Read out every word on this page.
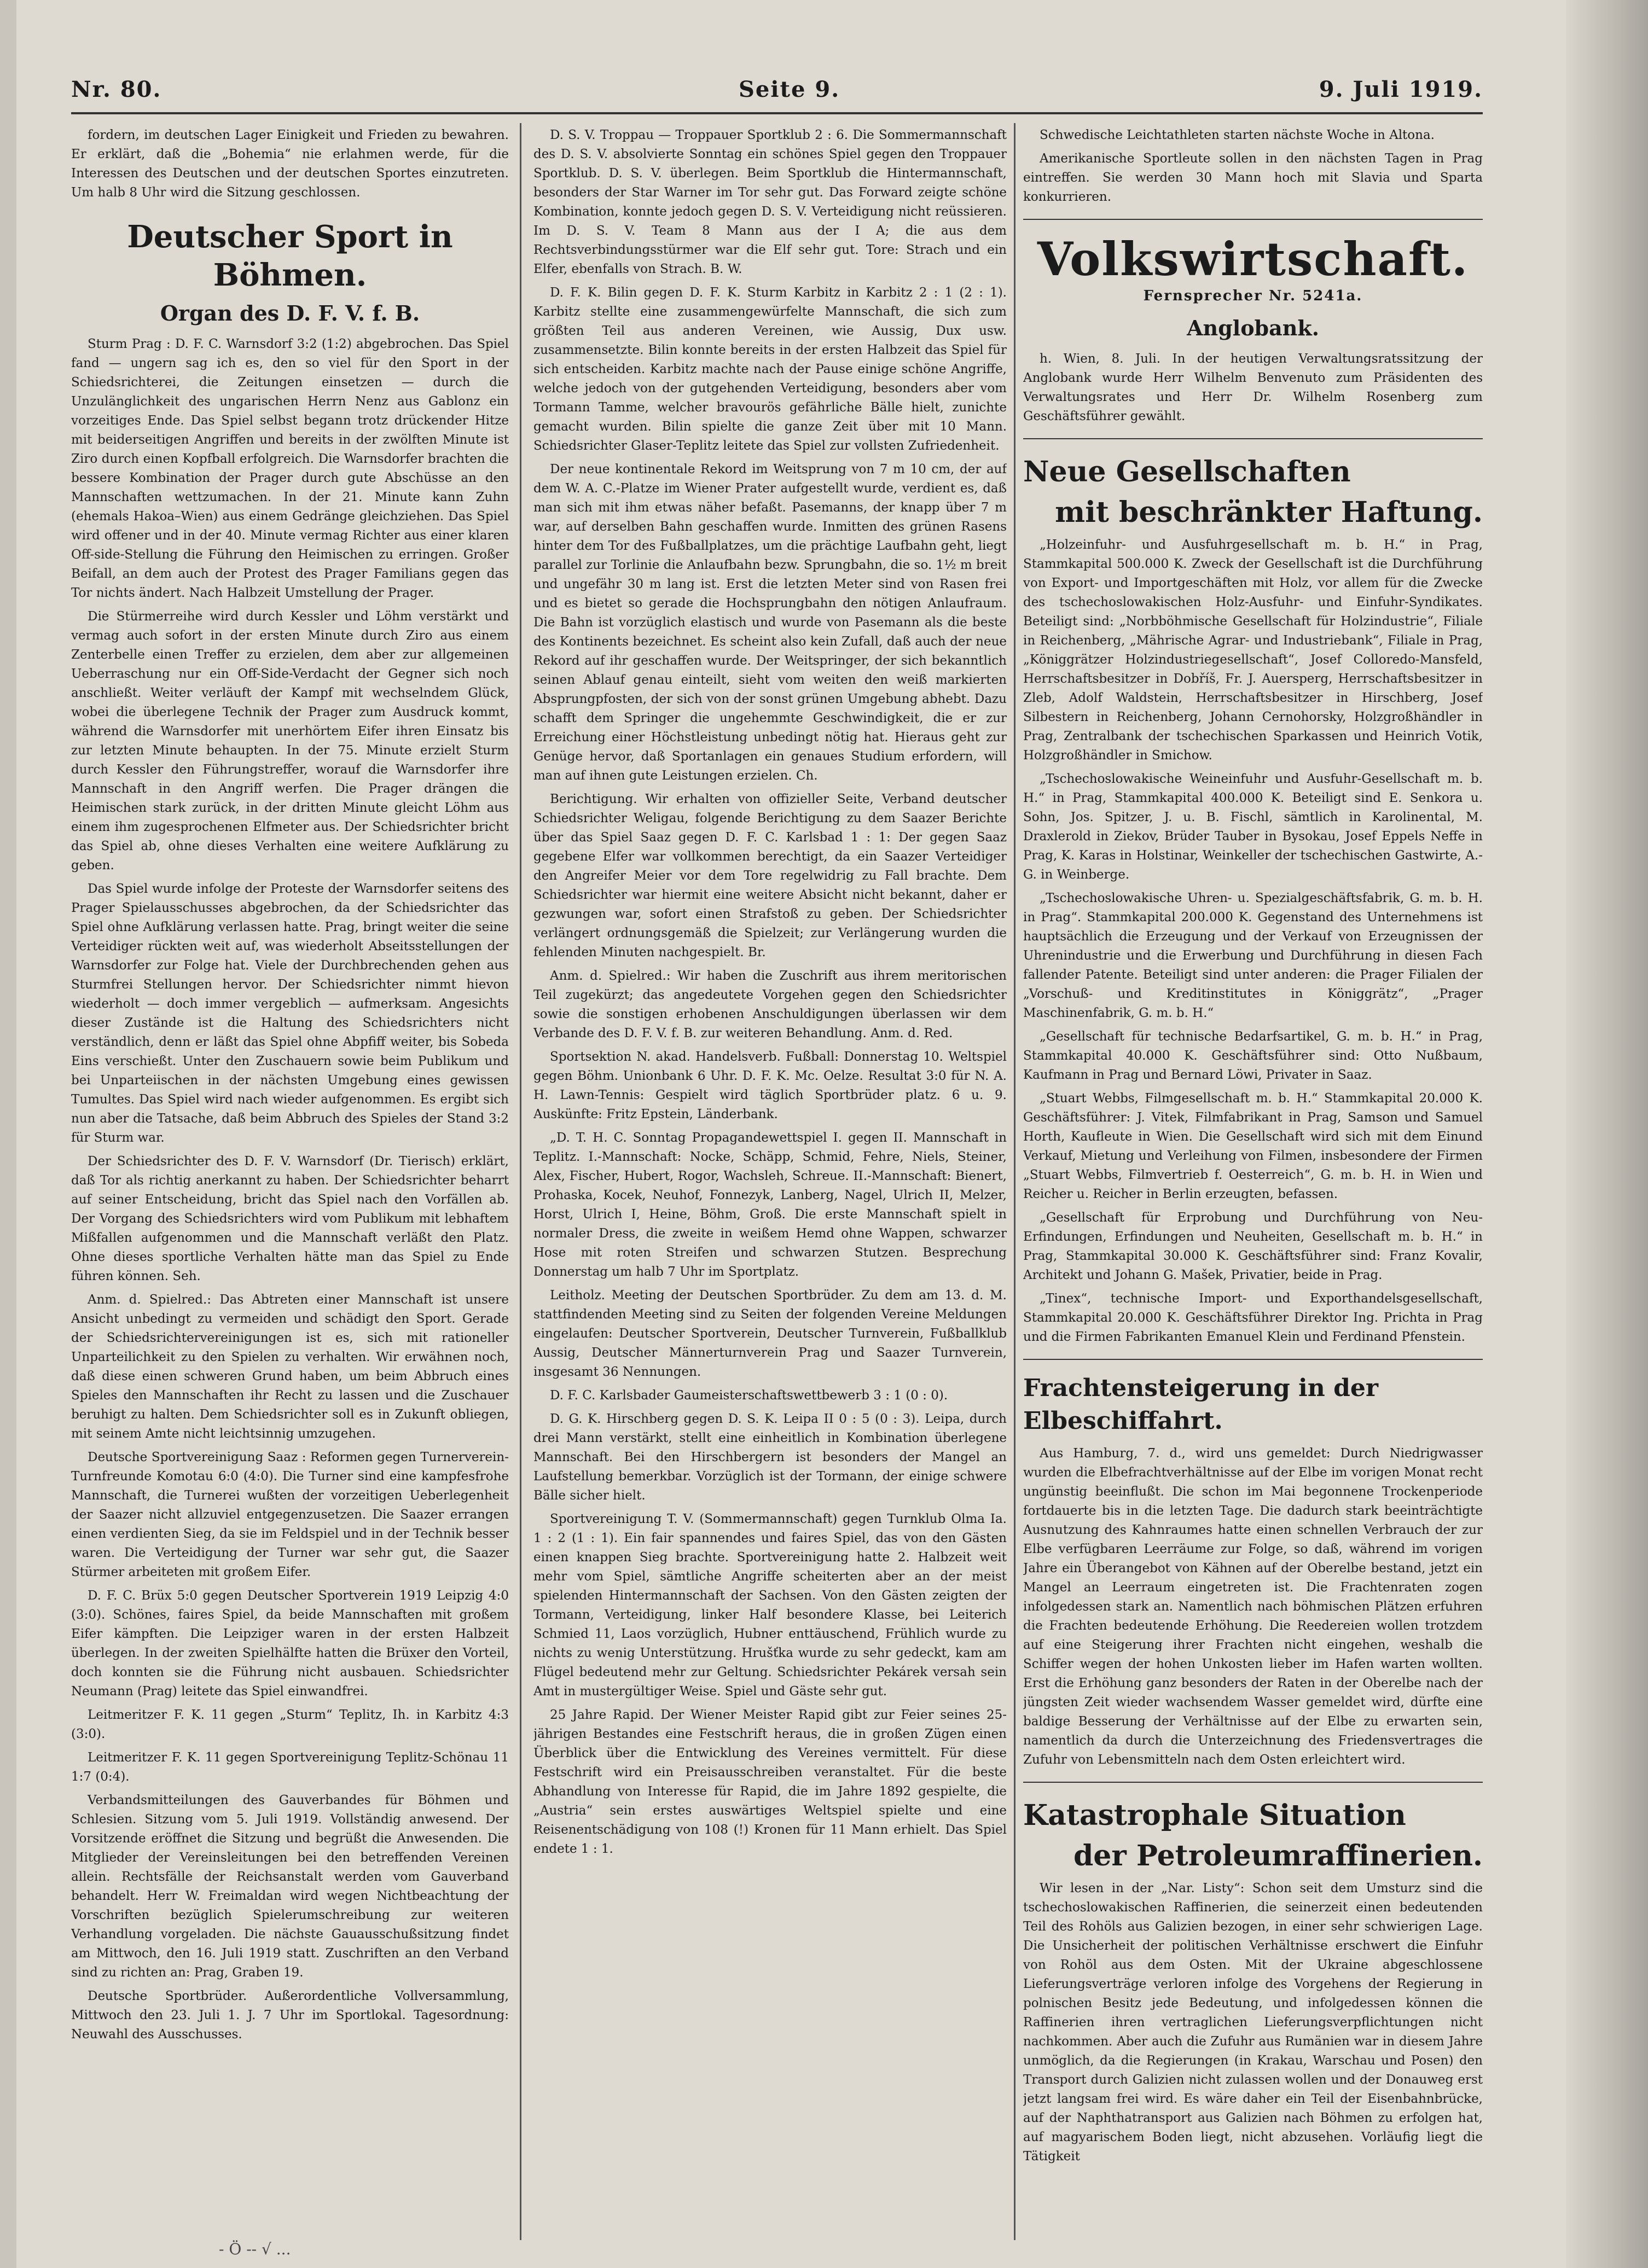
Nr. 80.	Seite 9.	9. Juli 1919.

fordern, im deutschen Lager Einigkeit und Frieden zu bewahren. Er erklärt, daß die „Bohemia“ nie erlahmen werde, für die Interessen des Deutschen und der deutschen Sportes einzutreten. Um halb 8 Uhr wird die Sitzung geschlossen.

Deutscher Sport in Böhmen.
Organ des D. F. V. f. B.

Sturm Prag : D. F. C. Warnsdorf 3:2 (1:2) abgebrochen. Das Spiel fand — ungern sag ich es, den so viel für den Sport in der Schiedsrichterei, die Zeitungen einsetzen — durch die Unzulänglichkeit des ungarischen Herrn Nenz aus Gablonz ein vorzeitiges Ende. Das Spiel selbst begann trotz drückender Hitze mit beiderseitigen Angriffen und bereits in der zwölften Minute ist Ziro durch einen Kopfball erfolgreich. Die Warnsdorfer brachten die bessere Kombination der Prager durch gute Abschüsse an den Mannschaften wettzumachen. In der 21. Minute kann Zuhn (ehemals Hakoa–Wien) aus einem Gedränge gleichziehen. Das Spiel wird offener und in der 40. Minute vermag Richter aus einer klaren Off-side-Stellung die Führung den Heimischen zu erringen. Großer Beifall, an dem auch der Protest des Prager Familians gegen das Tor nichts ändert. Nach Halbzeit Umstellung der Prager.

Die Stürmerreihe wird durch Kessler und Löhm verstärkt und vermag auch sofort in der ersten Minute durch Ziro aus einem Zenterbelle einen Treffer zu erzielen, dem aber zur allgemeinen Ueberraschung nur ein Off-Side-Verdacht der Gegner sich noch anschließt. Weiter verläuft der Kampf mit wechselndem Glück, wobei die überlegene Technik der Prager zum Ausdruck kommt, während die Warnsdorfer mit unerhörtem Eifer ihren Einsatz bis zur letzten Minute behaupten. In der 75. Minute erzielt Sturm durch Kessler den Führungstreffer, worauf die Warnsdorfer ihre Mannschaft in den Angriff werfen. Die Prager drängen die Heimischen stark zurück, in der dritten Minute gleicht Löhm aus einem ihm zugesprochenen Elfmeter aus. Der Schiedsrichter bricht das Spiel ab, ohne dieses Verhalten eine weitere Aufklärung zu geben.

Das Spiel wurde infolge der Proteste der Warnsdorfer seitens des Prager Spielausschusses abgebrochen, da der Schiedsrichter das Spiel ohne Aufklärung verlassen hatte. Prag, bringt weiter die seine Verteidiger rückten weit auf, was wiederholt Abseitsstellungen der Warnsdorfer zur Folge hat. Viele der Durchbrechenden gehen aus Sturmfrei Stellungen hervor. Der Schiedsrichter nimmt hievon wiederholt — doch immer vergeblich — aufmerksam. Angesichts dieser Zustände ist die Haltung des Schiedsrichters nicht verständlich, denn er läßt das Spiel ohne Abpfiff weiter, bis Sobeda Eins verschießt. Unter den Zuschauern sowie beim Publikum und bei Unparteiischen in der nächsten Umgebung eines gewissen Tumultes. Das Spiel wird nach wieder aufgenommen. Es ergibt sich nun aber die Tatsache, daß beim Abbruch des Spieles der Stand 3:2 für Sturm war.

Der Schiedsrichter des D. F. V. Warnsdorf (Dr. Tierisch) erklärt, daß Tor als richtig anerkannt zu haben. Der Schiedsrichter beharrt auf seiner Entscheidung, bricht das Spiel nach den Vorfällen ab. Der Vorgang des Schiedsrichters wird vom Publikum mit lebhaftem Mißfallen aufgenommen und die Mannschaft verläßt den Platz. Ohne dieses sportliche Verhalten hätte man das Spiel zu Ende führen können. Seh.

Anm. d. Spielred.: Das Abtreten einer Mannschaft ist unsere Ansicht unbedingt zu vermeiden und schädigt den Sport. Gerade der Schiedsrichtervereinigungen ist es, sich mit rationeller Unparteilichkeit zu den Spielen zu verhalten. Wir erwähnen noch, daß diese einen schweren Grund haben, um beim Abbruch eines Spieles den Mannschaften ihr Recht zu lassen und die Zuschauer beruhigt zu halten. Dem Schiedsrichter soll es in Zukunft obliegen, mit seinem Amte nicht leichtsinnig umzugehen.

Deutsche Sportvereinigung Saaz : Reformen gegen Turnerverein-Turnfreunde Komotau 6:0 (4:0). Die Turner sind eine kampfesfrohe Mannschaft, die Turnerei wußten der vorzeitigen Ueberlegenheit der Saazer nicht allzuviel entgegenzusetzen. Die Saazer errangen einen verdienten Sieg, da sie im Feldspiel und in der Technik besser waren. Die Verteidigung der Turner war sehr gut, die Saazer Stürmer arbeiteten mit großem Eifer.

D. F. C. Brüx 5:0 gegen Deutscher Sportverein 1919 Leipzig 4:0 (3:0). Schönes, faires Spiel, da beide Mannschaften mit großem Eifer kämpften. Die Leipziger waren in der ersten Halbzeit überlegen. In der zweiten Spielhälfte hatten die Brüxer den Vorteil, doch konnten sie die Führung nicht ausbauen. Schiedsrichter Neumann (Prag) leitete das Spiel einwandfrei.

Leitmeritzer F. K. 11 gegen „Sturm“ Teplitz, Ih. in Karbitz 4:3 (3:0).

Leitmeritzer F. K. 11 gegen Sportvereinigung Teplitz-Schönau 11 1:7 (0:4).

Verbandsmitteilungen des Gauverbandes für Böhmen und Schlesien. Sitzung vom 5. Juli 1919. Vollständig anwesend. Der Vorsitzende eröffnet die Sitzung und begrüßt die Anwesenden. Die Mitglieder der Vereinsleitungen bei den betreffenden Vereinen allein. Rechtsfälle der Reichsanstalt werden vom Gauverband behandelt. Herr W. Freimaldan wird wegen Nichtbeachtung der Vorschriften bezüglich Spielerumschreibung zur weiteren Verhandlung vorgeladen. Die nächste Gauausschußsitzung findet am Mittwoch, den 16. Juli 1919 statt. Zuschriften an den Verband sind zu richten an: Prag, Graben 19.

Deutsche Sportbrüder. Außerordentliche Vollversammlung, Mittwoch den 23. Juli 1. J. 7 Uhr im Sportlokal. Tagesordnung: Neuwahl des Ausschusses.

D. S. V. Troppau — Troppauer Sportklub 2 : 6. Die Sommermannschaft des D. S. V. absolvierte Sonntag ein schönes Spiel gegen den Troppauer Sportklub. D. S. V. überlegen. Beim Sportklub die Hintermannschaft, besonders der Star Warner im Tor sehr gut. Das Forward zeigte schöne Kombination, konnte jedoch gegen D. S. V. Verteidigung nicht reüssieren. Im D. S. V. Team 8 Mann aus der I A; die aus dem Rechtsverbindungsstürmer war die Elf sehr gut. Tore: Strach und ein Elfer, ebenfalls von Strach. B. W.

D. F. K. Bilin gegen D. F. K. Sturm Karbitz in Karbitz 2 : 1 (2 : 1). Karbitz stellte eine zusammengewürfelte Mannschaft, die sich zum größten Teil aus anderen Vereinen, wie Aussig, Dux usw. zusammensetzte. Bilin konnte bereits in der ersten Halbzeit das Spiel für sich entscheiden. Karbitz machte nach der Pause einige schöne Angriffe, welche jedoch von der gutgehenden Verteidigung, besonders aber vom Tormann Tamme, welcher bravourös gefährliche Bälle hielt, zunichte gemacht wurden. Bilin spielte die ganze Zeit über mit 10 Mann. Schiedsrichter Glaser-Teplitz leitete das Spiel zur vollsten Zufriedenheit.

Der neue kontinentale Rekord im Weitsprung von 7 m 10 cm, der auf dem W. A. C.-Platze im Wiener Prater aufgestellt wurde, verdient es, daß man sich mit ihm etwas näher befaßt. Pasemanns, der knapp über 7 m war, auf derselben Bahn geschaffen wurde. Inmitten des grünen Rasens hinter dem Tor des Fußballplatzes, um die prächtige Laufbahn geht, liegt parallel zur Torlinie die Anlaufbahn bezw. Sprungbahn, die so. 1½ m breit und ungefähr 30 m lang ist. Erst die letzten Meter sind von Rasen frei und es bietet so gerade die Hochsprungbahn den nötigen Anlaufraum. Die Bahn ist vorzüglich elastisch und wurde von Pasemann als die beste des Kontinents bezeichnet. Es scheint also kein Zufall, daß auch der neue Rekord auf ihr geschaffen wurde. Der Weitspringer, der sich bekanntlich seinen Ablauf genau einteilt, sieht vom weiten den weiß markierten Absprungpfosten, der sich von der sonst grünen Umgebung abhebt. Dazu schafft dem Springer die ungehemmte Geschwindigkeit, die er zur Erreichung einer Höchstleistung unbedingt nötig hat. Hieraus geht zur Genüge hervor, daß Sportanlagen ein genaues Studium erfordern, will man auf ihnen gute Leistungen erzielen. Ch.

Berichtigung. Wir erhalten von offizieller Seite, Verband deutscher Schiedsrichter Weligau, folgende Berichtigung zu dem Saazer Berichte über das Spiel Saaz gegen D. F. C. Karlsbad 1 : 1: Der gegen Saaz gegebene Elfer war vollkommen berechtigt, da ein Saazer Verteidiger den Angreifer Meier vor dem Tore regelwidrig zu Fall brachte. Dem Schiedsrichter war hiermit eine weitere Absicht nicht bekannt, daher er gezwungen war, sofort einen Strafstoß zu geben. Der Schiedsrichter verlängert ordnungsgemäß die Spielzeit; zur Verlängerung wurden die fehlenden Minuten nachgespielt. Br.

Anm. d. Spielred.: Wir haben die Zuschrift aus ihrem meritorischen Teil zugekürzt; das angedeutete Vorgehen gegen den Schiedsrichter sowie die sonstigen erhobenen Anschuldigungen überlassen wir dem Verbande des D. F. V. f. B. zur weiteren Behandlung. Anm. d. Red.

Sportsektion N. akad. Handelsverb. Fußball: Donnerstag 10. Weltspiel gegen Böhm. Unionbank 6 Uhr. D. F. K. Mc. Oelze. Resultat 3:0 für N. A. H. Lawn-Tennis: Gespielt wird täglich Sportbrüder platz. 6 u. 9. Auskünfte: Fritz Epstein, Länderbank.

„D. T. H. C. Sonntag Propagandewettspiel I. gegen II. Mannschaft in Teplitz. I.-Mannschaft: Nocke, Schäpp, Schmid, Fehre, Niels, Steiner, Alex, Fischer, Hubert, Rogor, Wachsleh, Schreue. II.-Mannschaft: Bienert, Prohaska, Kocek, Neuhof, Fonnezyk, Lanberg, Nagel, Ulrich II, Melzer, Horst, Ulrich I, Heine, Böhm, Groß. Die erste Mannschaft spielt in normaler Dress, die zweite in weißem Hemd ohne Wappen, schwarzer Hose mit roten Streifen und schwarzen Stutzen. Besprechung Donnerstag um halb 7 Uhr im Sportplatz.

Leitholz. Meeting der Deutschen Sportbrüder. Zu dem am 13. d. M. stattfindenden Meeting sind zu Seiten der folgenden Vereine Meldungen eingelaufen: Deutscher Sportverein, Deutscher Turnverein, Fußballklub Aussig, Deutscher Männerturnverein Prag und Saazer Turnverein, insgesamt 36 Nennungen.

D. F. C. Karlsbader Gaumeisterschaftswettbewerb 3 : 1 (0 : 0).

D. G. K. Hirschberg gegen D. S. K. Leipa II 0 : 5 (0 : 3). Leipa, durch drei Mann verstärkt, stellt eine einheitlich in Kombination überlegene Mannschaft. Bei den Hirschbergern ist besonders der Mangel an Laufstellung bemerkbar. Vorzüglich ist der Tormann, der einige schwere Bälle sicher hielt.

Sportvereinigung T. V. (Sommermannschaft) gegen Turnklub Olma Ia. 1 : 2 (1 : 1). Ein fair spannendes und faires Spiel, das von den Gästen einen knappen Sieg brachte. Sportvereinigung hatte 2. Halbzeit weit mehr vom Spiel, sämtliche Angriffe scheiterten aber an der meist spielenden Hintermannschaft der Sachsen. Von den Gästen zeigten der Tormann, Verteidigung, linker Half besondere Klasse, bei Leiterich Schmied 11, Laos vorzüglich, Hubner enttäuschend, Frühlich wurde zu nichts zu wenig Unterstützung. Hrušťka wurde zu sehr gedeckt, kam am Flügel bedeutend mehr zur Geltung. Schiedsrichter Pekárek versah sein Amt in mustergültiger Weise. Spiel und Gäste sehr gut.

25 Jahre Rapid. Der Wiener Meister Rapid gibt zur Feier seines 25-jährigen Bestandes eine Festschrift heraus, die in großen Zügen einen Überblick über die Entwicklung des Vereines vermittelt. Für diese Festschrift wird ein Preisausschreiben veranstaltet. Für die beste Abhandlung von Interesse für Rapid, die im Jahre 1892 gespielte, die „Austria“ sein erstes auswärtiges Weltspiel spielte und eine Reisenentschädigung von 108 (!) Kronen für 11 Mann erhielt. Das Spiel endete 1 : 1.

Schwedische Leichtathleten starten nächste Woche in Altona.

Amerikanische Sportleute sollen in den nächsten Tagen in Prag eintreffen. Sie werden 30 Mann hoch mit Slavia und Sparta konkurrieren.

Volkswirtschaft.
Fernsprecher Nr. 5241a.
Anglobank.

h. Wien, 8. Juli. In der heutigen Verwaltungsratssitzung der Anglobank wurde Herr Wilhelm Benvenuto zum Präsidenten des Verwaltungsrates und Herr Dr. Wilhelm Rosenberg zum Geschäftsführer gewählt.

Neue Gesellschaften
mit beschränkter Haftung.

„Holzeinfuhr- und Ausfuhrgesellschaft m. b. H.“ in Prag, Stammkapital 500.000 K. Zweck der Gesellschaft ist die Durchführung von Export- und Importgeschäften mit Holz, vor allem für die Zwecke des tschechoslowakischen Holz-Ausfuhr- und Einfuhr-Syndikates. Beteiligt sind: „Norbböhmische Gesellschaft für Holzindustrie“, Filiale in Reichenberg, „Mährische Agrar- und Industriebank“, Filiale in Prag, „Königgrätzer Holzindustriegesellschaft“, Josef Colloredo-Mansfeld, Herrschaftsbesitzer in Dobříš, Fr. J. Auersperg, Herrschaftsbesitzer in Zleb, Adolf Waldstein, Herrschaftsbesitzer in Hirschberg, Josef Silbestern in Reichenberg, Johann Cernohorsky, Holzgroßhändler in Prag, Zentralbank der tschechischen Sparkassen und Heinrich Votik, Holzgroßhändler in Smichow.

„Tschechoslowakische Weineinfuhr und Ausfuhr-Gesellschaft m. b. H.“ in Prag, Stammkapital 400.000 K. Beteiligt sind E. Senkora u. Sohn, Jos. Spitzer, J. u. B. Fischl, sämtlich in Karolinental, M. Draxlerold in Ziekov, Brüder Tauber in Bysokau, Josef Eppels Neffe in Prag, K. Karas in Holstinar, Weinkeller der tschechischen Gastwirte, A.-G. in Weinberge.

„Tschechoslowakische Uhren- u. Spezialgeschäftsfabrik, G. m. b. H. in Prag“. Stammkapital 200.000 K. Gegenstand des Unternehmens ist hauptsächlich die Erzeugung und der Verkauf von Erzeugnissen der Uhrenindustrie und die Erwerbung und Durchführung in diesen Fach fallender Patente. Beteiligt sind unter anderen: die Prager Filialen der „Vorschuß- und Kreditinstitutes in Königgrätz“, „Prager Maschinenfabrik, G. m. b. H.“

„Gesellschaft für technische Bedarfsartikel, G. m. b. H.“ in Prag, Stammkapital 40.000 K. Geschäftsführer sind: Otto Nußbaum, Kaufmann in Prag und Bernard Löwi, Privater in Saaz.

„Stuart Webbs, Filmgesellschaft m. b. H.“ Stammkapital 20.000 K. Geschäftsführer: J. Vitek, Filmfabrikant in Prag, Samson und Samuel Horth, Kaufleute in Wien. Die Gesellschaft wird sich mit dem Einund Verkauf, Mietung und Verleihung von Filmen, insbesondere der Firmen „Stuart Webbs, Filmvertrieb f. Oesterreich“, G. m. b. H. in Wien und Reicher u. Reicher in Berlin erzeugten, befassen.

„Gesellschaft für Erprobung und Durchführung von Neu-Erfindungen, Erfindungen und Neuheiten, Gesellschaft m. b. H.“ in Prag, Stammkapital 30.000 K. Geschäftsführer sind: Franz Kovalir, Architekt und Johann G. Mašek, Privatier, beide in Prag.

„Tinex“, technische Import- und Exporthandelsgesellschaft, Stammkapital 20.000 K. Geschäftsführer Direktor Ing. Prichta in Prag und die Firmen Fabrikanten Emanuel Klein und Ferdinand Pfenstein.

Frachtensteigerung in der Elbeschiffahrt.

Aus Hamburg, 7. d., wird uns gemeldet: Durch Niedrigwasser wurden die Elbefrachtverhältnisse auf der Elbe im vorigen Monat recht ungünstig beeinflußt. Die schon im Mai begonnene Trockenperiode fortdauerte bis in die letzten Tage. Die dadurch stark beeinträchtigte Ausnutzung des Kahnraumes hatte einen schnellen Verbrauch der zur Elbe verfügbaren Leerräume zur Folge, so daß, während im vorigen Jahre ein Überangebot von Kähnen auf der Oberelbe bestand, jetzt ein Mangel an Leerraum eingetreten ist. Die Frachtenraten zogen infolgedessen stark an. Namentlich nach böhmischen Plätzen erfuhren die Frachten bedeutende Erhöhung. Die Reedereien wollen trotzdem auf eine Steigerung ihrer Frachten nicht eingehen, weshalb die Schiffer wegen der hohen Unkosten lieber im Hafen warten wollten. Erst die Erhöhung ganz besonders der Raten in der Oberelbe nach der jüngsten Zeit wieder wachsendem Wasser gemeldet wird, dürfte eine baldige Besserung der Verhältnisse auf der Elbe zu erwarten sein, namentlich da durch die Unterzeichnung des Friedensvertrages die Zufuhr von Lebensmitteln nach dem Osten erleichtert wird.

Katastrophale Situation
der Petroleumraffinerien.

Wir lesen in der „Nar. Listy“: Schon seit dem Umsturz sind die tschechoslowakischen Raffinerien, die seinerzeit einen bedeutenden Teil des Rohöls aus Galizien bezogen, in einer sehr schwierigen Lage. Die Unsicherheit der politischen Verhältnisse erschwert die Einfuhr von Rohöl aus dem Osten. Mit der Ukraine abgeschlossene Lieferungsverträge verloren infolge des Vorgehens der Regierung in polnischen Besitz jede Bedeutung, und infolgedessen können die Raffinerien ihren vertraglichen Lieferungsverpflichtungen nicht nachkommen. Aber auch die Zufuhr aus Rumänien war in diesem Jahre unmöglich, da die Regierungen (in Krakau, Warschau und Posen) den Transport durch Galizien nicht zulassen wollen und der Donauweg erst jetzt langsam frei wird. Es wäre daher ein Teil der Eisenbahnbrücke, auf der Naphthatransport aus Galizien nach Böhmen zu erfolgen hat, auf magyarischem Boden liegt, nicht abzusehen. Vorläufig liegt die Tätigkeit

- Ö -- √ ...
